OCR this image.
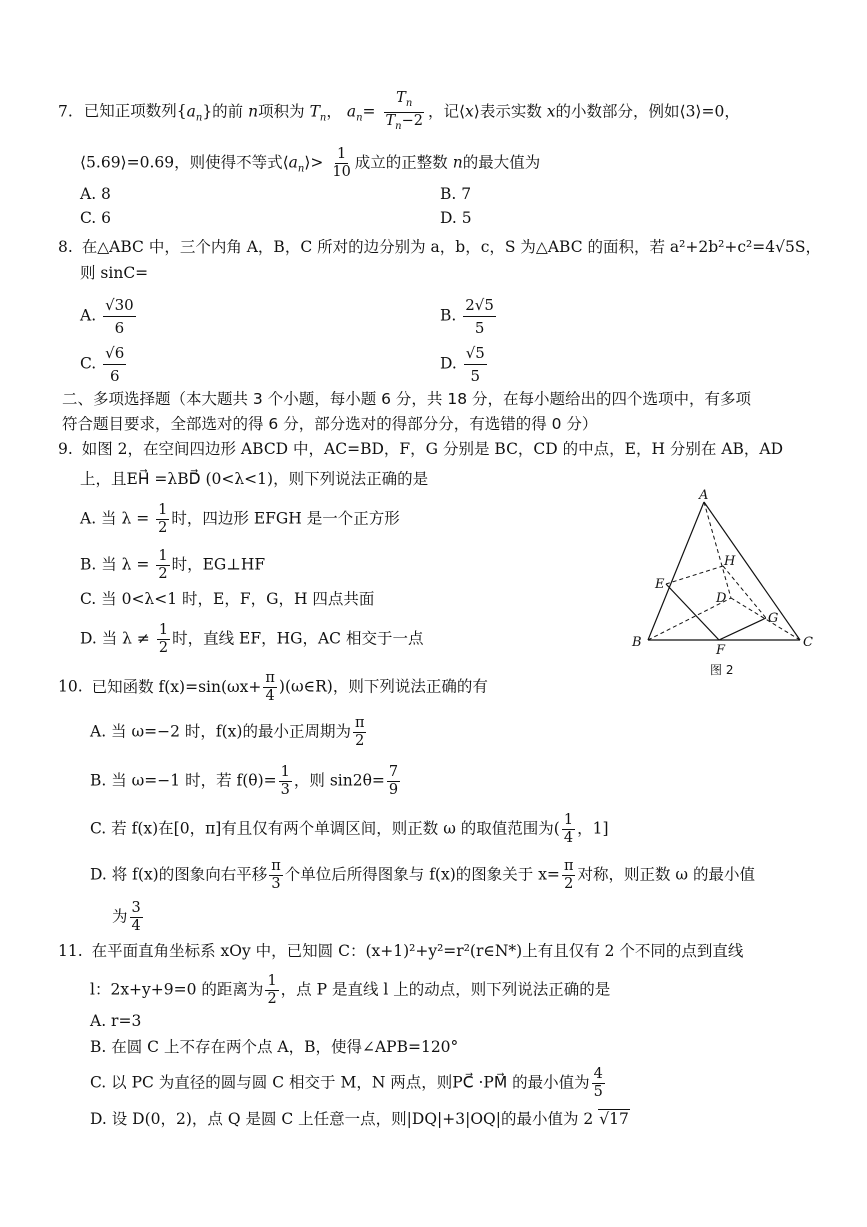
7. 已知正项数列$\{a_n\}$的前 n项积为 $T_n$， $a_n= \frac{T_n}{T_n-2}$ ，记⟨x⟩表示实数 x的小数部分，例如⟨3⟩=0，
⟨5.69⟩=0.69，则使得不等式$⟨a_n⟩> \frac{1}{10}$ 成立的正整数 n的最大值为
A. 8	B. 7
C. 6	D. 5
8. 在△ABC 中，三个内角 A，B，C 所对的边分别为 a，b，c，S 为△ABC 的面积，若 a²+2b²+c²=4√5S，
则 sinC=
A. $\frac{√30}{6}$	B. $\frac{2√5}{5}$
C. $\frac{√6}{6}$	D. $\frac{√5}{5}$
二、多项选择题（本大题共 3 个小题，每小题 6 分，共 18 分，在每小题给出的四个选项中，有多项
符合题目要求，全部选对的得 6 分，部分选对的得部分分，有选错的得 0 分）
9. 如图 2，在空间四边形 ABCD 中，AC=BD，F，G 分别是 BC，CD 的中点，E，H 分别在 AB，AD
上，且EH⃗ =λBD⃗ (0<λ<1)，则下列说法正确的是
A. 当 $\lambda = \frac{1}{2}$ 时，四边形 EFGH 是一个正方形
B. 当 $\lambda = \frac{1}{2}$ 时，EG⊥HF
C. 当 0<λ<1 时，E，F，G，H 四点共面
D. 当 $\lambda \ne \frac{1}{2}$ 时，直线 EF，HG，AC 相交于一点
A
B	C
D
E
F
G
H
图 2
10. 已知函数 $f(x)=\sin(\omega x+ \frac{\pi}{4}$ )(ω∈R)，则下列说法正确的有
A. 当 ω=−2 时，f(x)的最小正周期为 $\frac{\pi}{2}$
B. 当 ω=−1 时，若 $f(\theta)= \frac{1}{3}$ ，则 $\sin 2\theta= \frac{7}{9}$
C. 若 f(x)在[0，π]有且仅有两个单调区间，则正数 ω 的取值范围为( $\frac{1}{4}$ ，1]
D. 将 f(x)的图象向右平移 $\frac{\pi}{3}$ 个单位后所得图象与 f(x)的图象关于 $x= \frac{\pi}{2}$ 对称，则正数 ω 的最小值
为 $\frac{3}{4}$
11. 在平面直角坐标系 xOy 中，已知圆 C：(x+1)²+y²=r²(r∈N*)上有且仅有 2 个不同的点到直线
l：2x+y+9=0 的距离为 $\frac{1}{2}$ ，点 P 是直线 l 上的动点，则下列说法正确的是
A. r=3
B. 在圆 C 上不存在两个点 A，B，使得∠APB=120°
C. 以 PC 为直径的圆与圆 C 相交于 M，N 两点，则PC⃗ ·PM⃗ 的最小值为 $\frac{4}{5}$
D. 设 D(0，2)，点 Q 是圆 C 上任意一点，则|DQ|+3|OQ|的最小值为 2 √17
